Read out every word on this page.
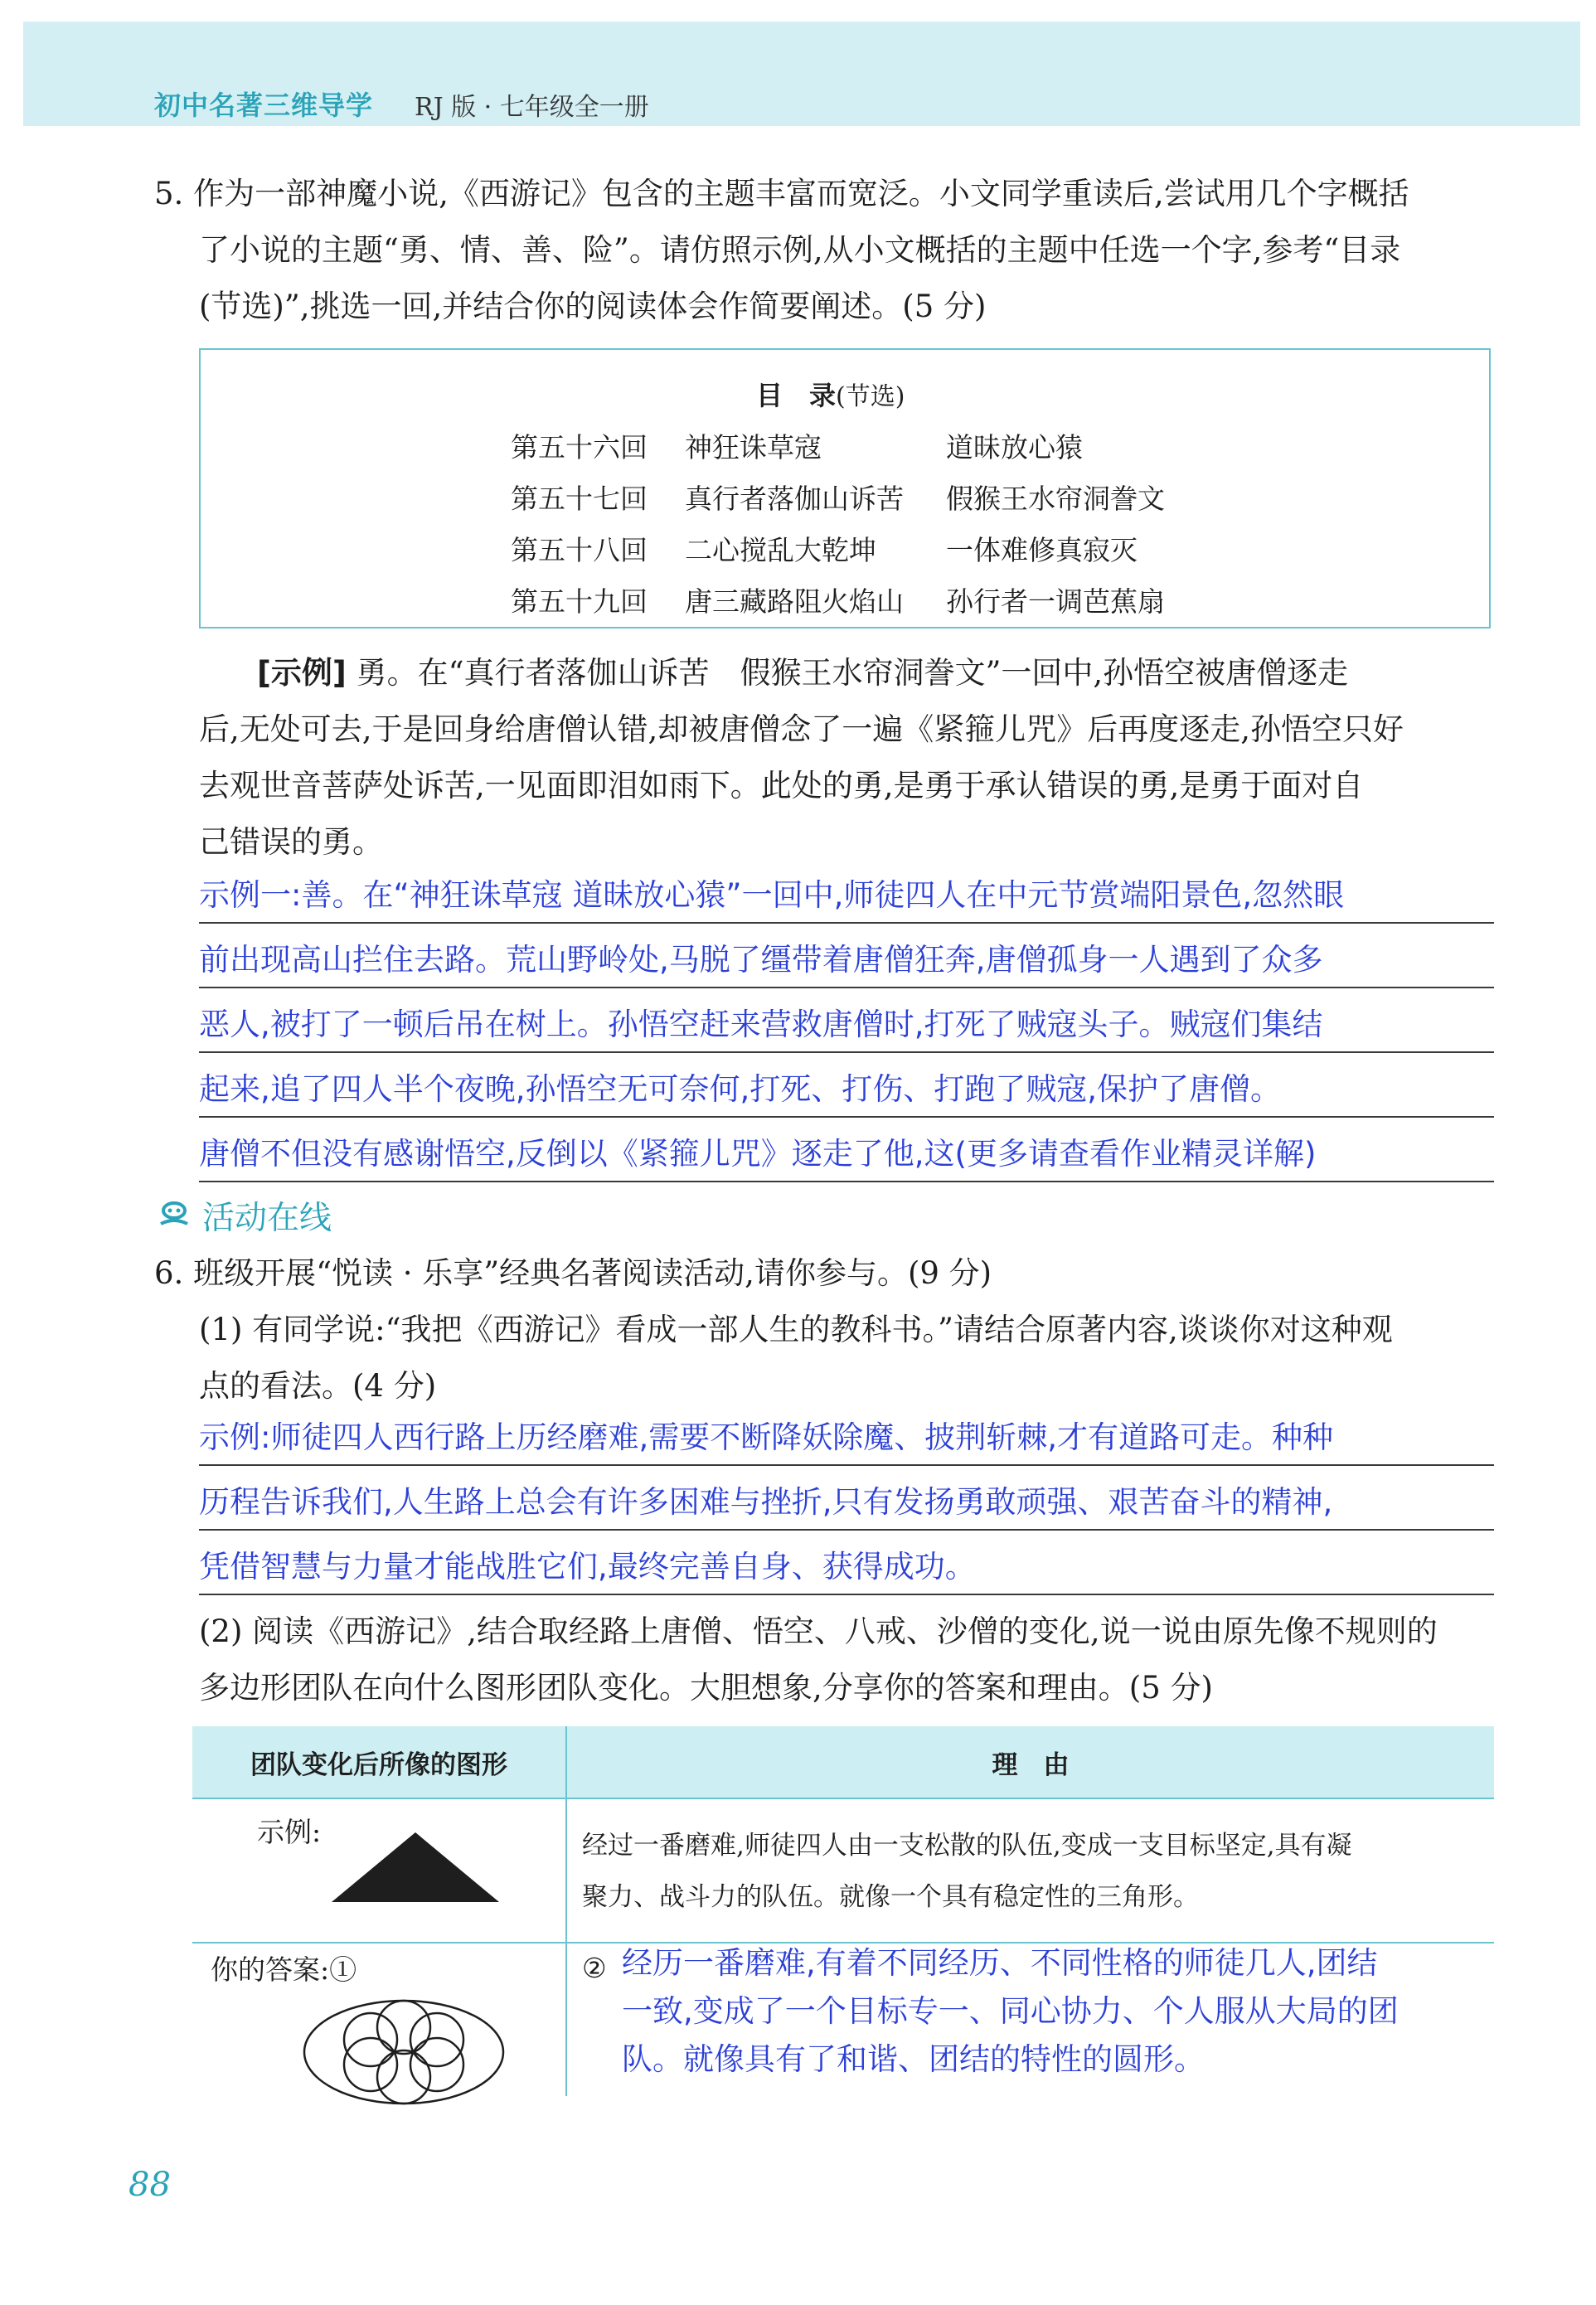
初中名著三维导学 RJ 版 · 七年级全一册
5. 作为一部神魔小说,《西游记》包含的主题丰富而宽泛。小文同学重读后,尝试用几个字概括
了小说的主题“勇、情、善、险”。请仿照示例,从小文概括的主题中任选一个字,参考“目录
(节选)”,挑选一回,并结合你的阅读体会作简要阐述。(5 分)
目　录(节选)
第五十六回 神狂诛草寇	道昧放心猿
第五十七回 真行者落伽山诉苦 假猴王水帘洞誊文
第五十八回 二心搅乱大乾坤	一体难修真寂灭
第五十九回 唐三藏路阻火焰山 孙行者一调芭蕉扇
[示例] 勇。在“真行者落伽山诉苦　假猴王水帘洞誊文”一回中,孙悟空被唐僧逐走
后,无处可去,于是回身给唐僧认错,却被唐僧念了一遍《紧箍儿咒》后再度逐走,孙悟空只好
去观世音菩萨处诉苦,一见面即泪如雨下。此处的勇,是勇于承认错误的勇,是勇于面对自
己错误的勇。
示例一:善。在“神狂诛草寇 道昧放心猿”一回中,师徒四人在中元节赏端阳景色,忽然眼
前出现高山拦住去路。荒山野岭处,马脱了缰带着唐僧狂奔,唐僧孤身一人遇到了众多
恶人,被打了一顿后吊在树上。孙悟空赶来营救唐僧时,打死了贼寇头子。贼寇们集结
起来,追了四人半个夜晚,孙悟空无可奈何,打死、打伤、打跑了贼寇,保护了唐僧。
唐僧不但没有感谢悟空,反倒以《紧箍儿咒》逐走了他,这(更多请查看作业精灵详解)
活动在线
6. 班级开展“悦读 · 乐享”经典名著阅读活动,请你参与。(9 分)
(1) 有同学说:“我把《西游记》看成一部人生的教科书。”请结合原著内容,谈谈你对这种观
点的看法。(4 分)
示例:师徒四人西行路上历经磨难,需要不断降妖除魔、披荆斩棘,才有道路可走。种种
历程告诉我们,人生路上总会有许多困难与挫折,只有发扬勇敢顽强、艰苦奋斗的精神,
凭借智慧与力量才能战胜它们,最终完善自身、获得成功。
(2) 阅读《西游记》,结合取经路上唐僧、悟空、八戒、沙僧的变化,说一说由原先像不规则的
多边形团队在向什么图形团队变化。大胆想象,分享你的答案和理由。(5 分)
团队变化后所像的图形	理　由

示例:	经过一番磨难,师徒四人由一支松散的队伍,变成一支目标坚定,具有凝
聚力、战斗力的队伍。就像一个具有稳定性的三角形。
你的答案:①	② 经历一番磨难,有着不同经历、不同性格的师徒几人,团结
一致,变成了一个目标专一、同心协力、个人服从大局的团
队。就像具有了和谐、团结的特性的圆形。
88
